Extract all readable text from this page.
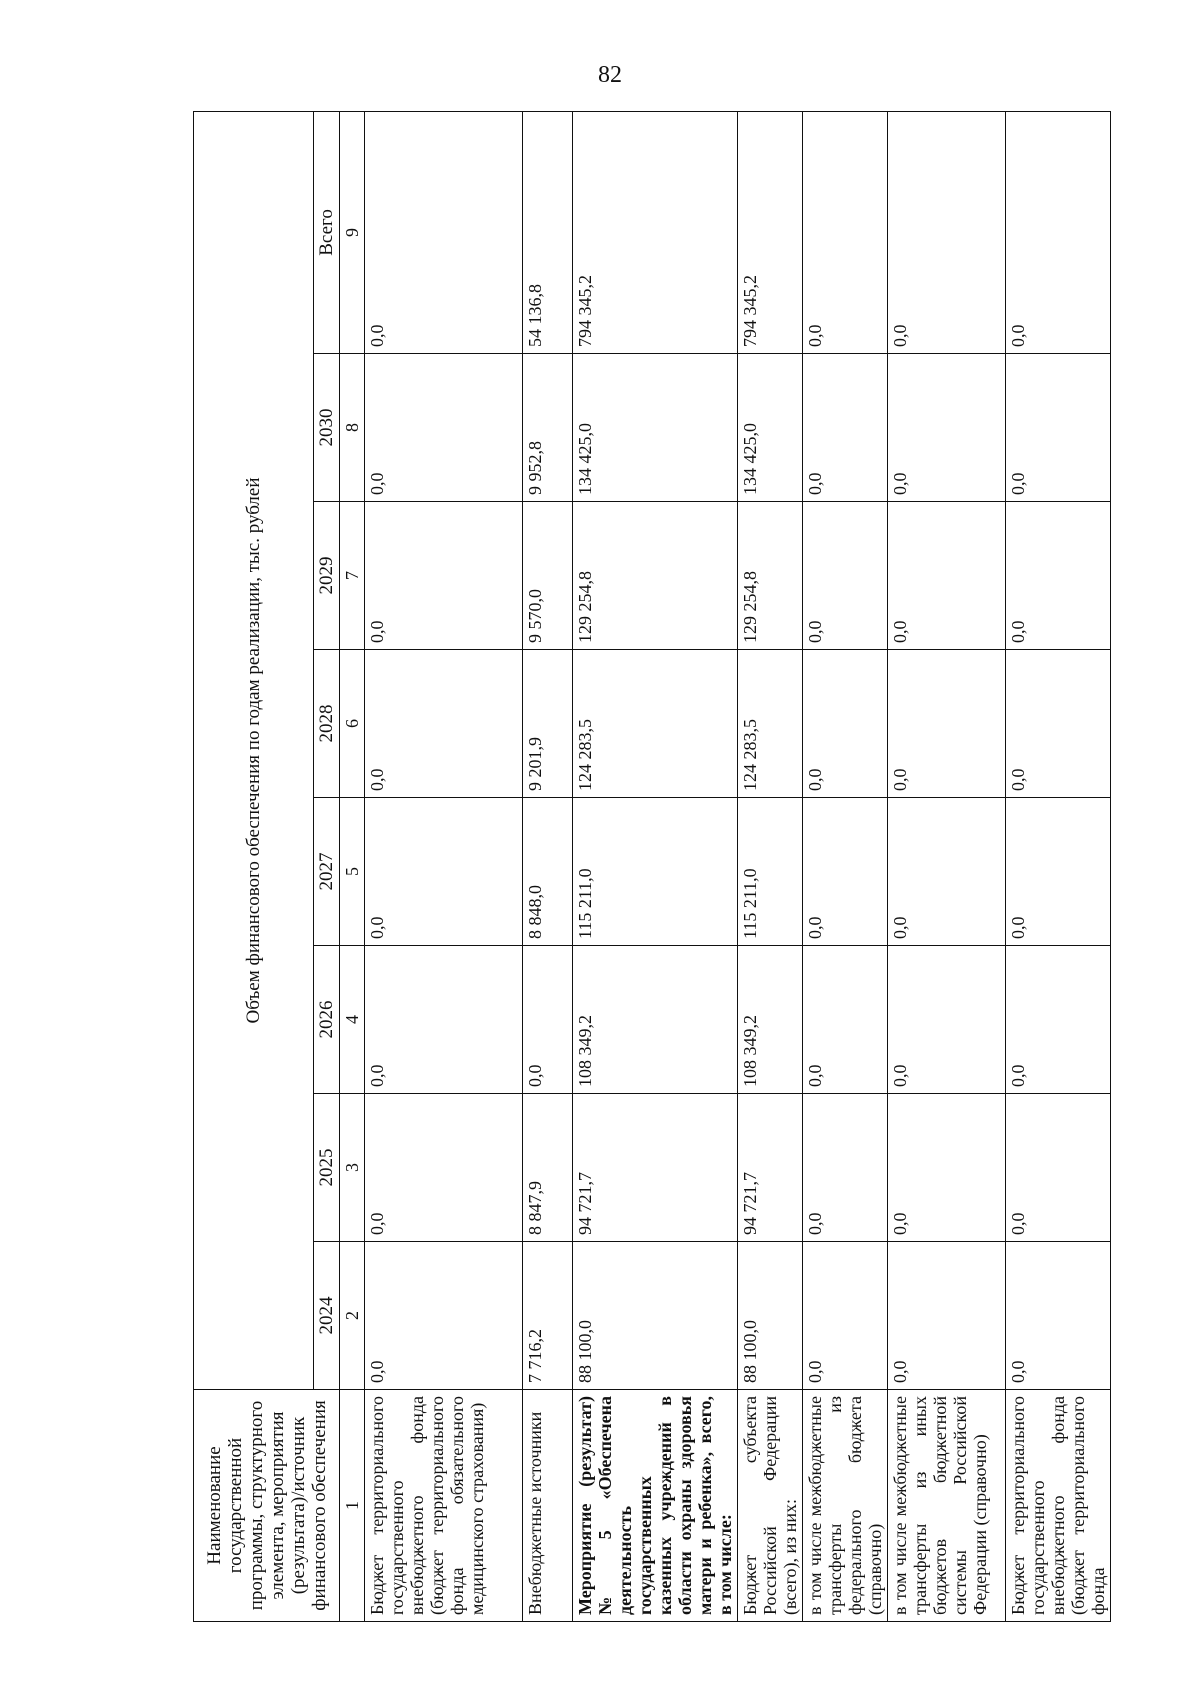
82
Наименование государственной программы, структурного элемента, мероприятия (результата)/источник финансового обеспечения	Объем финансового обеспечения по годам реализации, тыс. рублей							
	2024	2025	2026	2027	2028	2029	2030	Всего
1	2	3	4	5	6	7	8	9
Бюджет территориального государственного внебюджетного фонда (бюджет территориального фонда обязательного медицинского страхования)	0,0	0,0	0,0	0,0	0,0	0,0	0,0	0,0
Внебюджетные источники	7 716,2	8 847,9	0,0	8 848,0	9 201,9	9 570,0	9 952,8	54 136,8
Мероприятие (результат) № 5 «Обеспечена деятельность государственных казенных учреждений в области охраны здоровья матери и ребенка», всего, в том числе:	88 100,0	94 721,7	108 349,2	115 211,0	124 283,5	129 254,8	134 425,0	794 345,2
Бюджет субъекта Российской Федерации (всего), из них:	88 100,0	94 721,7	108 349,2	115 211,0	124 283,5	129 254,8	134 425,0	794 345,2
в том числе межбюджетные трансферты из федерального бюджета (справочно)	0,0	0,0	0,0	0,0	0,0	0,0	0,0	0,0
в том числе межбюджетные трансферты из иных бюджетов бюджетной системы Российской Федерации (справочно)	0,0	0,0	0,0	0,0	0,0	0,0	0,0	0,0
Бюджет территориального государственного внебюджетного фонда (бюджет территориального фонда	0,0	0,0	0,0	0,0	0,0	0,0	0,0	0,0
